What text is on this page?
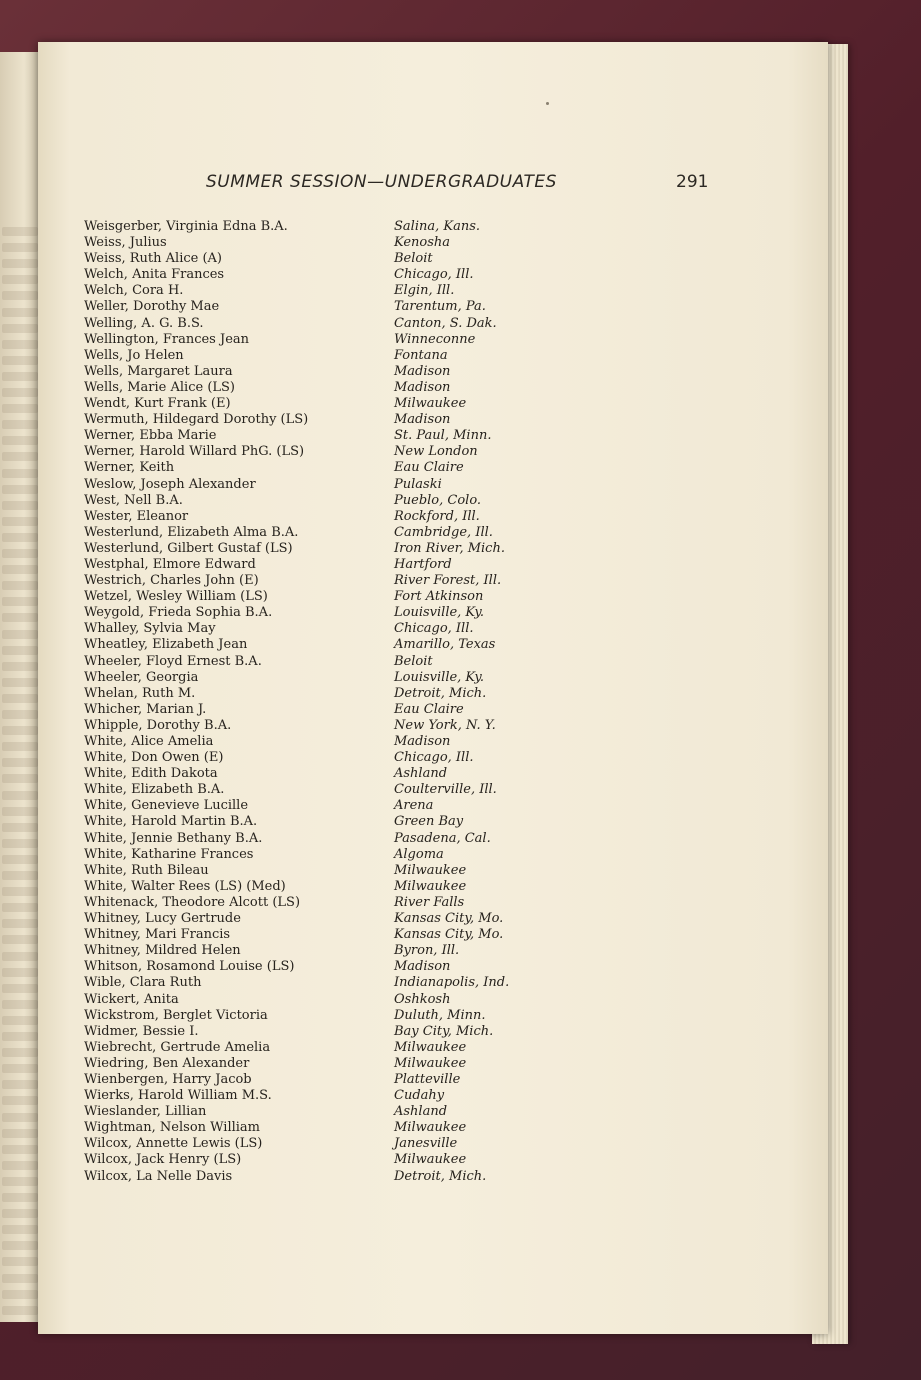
SUMMER SESSION—UNDERGRADUATES	291
Weisgerber, Virginia Edna B.A.	Salina, Kans.
Weiss, Julius	Kenosha
Weiss, Ruth Alice (A)	Beloit
Welch, Anita Frances	Chicago, Ill.
Welch, Cora H.	Elgin, Ill.
Weller, Dorothy Mae	Tarentum, Pa.
Welling, A. G. B.S.	Canton, S. Dak.
Wellington, Frances Jean	Winneconne
Wells, Jo Helen	Fontana
Wells, Margaret Laura	Madison
Wells, Marie Alice (LS)	Madison
Wendt, Kurt Frank (E)	Milwaukee
Wermuth, Hildegard Dorothy (LS)	Madison
Werner, Ebba Marie	St. Paul, Minn.
Werner, Harold Willard PhG. (LS)	New London
Werner, Keith	Eau Claire
Weslow, Joseph Alexander	Pulaski
West, Nell B.A.	Pueblo, Colo.
Wester, Eleanor	Rockford, Ill.
Westerlund, Elizabeth Alma B.A.	Cambridge, Ill.
Westerlund, Gilbert Gustaf (LS)	Iron River, Mich.
Westphal, Elmore Edward	Hartford
Westrich, Charles John (E)	River Forest, Ill.
Wetzel, Wesley William (LS)	Fort Atkinson
Weygold, Frieda Sophia B.A.	Louisville, Ky.
Whalley, Sylvia May	Chicago, Ill.
Wheatley, Elizabeth Jean	Amarillo, Texas
Wheeler, Floyd Ernest B.A.	Beloit
Wheeler, Georgia	Louisville, Ky.
Whelan, Ruth M.	Detroit, Mich.
Whicher, Marian J.	Eau Claire
Whipple, Dorothy B.A.	New York, N. Y.
White, Alice Amelia	Madison
White, Don Owen (E)	Chicago, Ill.
White, Edith Dakota	Ashland
White, Elizabeth B.A.	Coulterville, Ill.
White, Genevieve Lucille	Arena
White, Harold Martin B.A.	Green Bay
White, Jennie Bethany B.A.	Pasadena, Cal.
White, Katharine Frances	Algoma
White, Ruth Bileau	Milwaukee
White, Walter Rees (LS) (Med)	Milwaukee
Whitenack, Theodore Alcott (LS)	River Falls
Whitney, Lucy Gertrude	Kansas City, Mo.
Whitney, Mari Francis	Kansas City, Mo.
Whitney, Mildred Helen	Byron, Ill.
Whitson, Rosamond Louise (LS)	Madison
Wible, Clara Ruth	Indianapolis, Ind.
Wickert, Anita	Oshkosh
Wickstrom, Berglet Victoria	Duluth, Minn.
Widmer, Bessie I.	Bay City, Mich.
Wiebrecht, Gertrude Amelia	Milwaukee
Wiedring, Ben Alexander	Milwaukee
Wienbergen, Harry Jacob	Platteville
Wierks, Harold William M.S.	Cudahy
Wieslander, Lillian	Ashland
Wightman, Nelson William	Milwaukee
Wilcox, Annette Lewis (LS)	Janesville
Wilcox, Jack Henry (LS)	Milwaukee
Wilcox, La Nelle Davis	Detroit, Mich.
